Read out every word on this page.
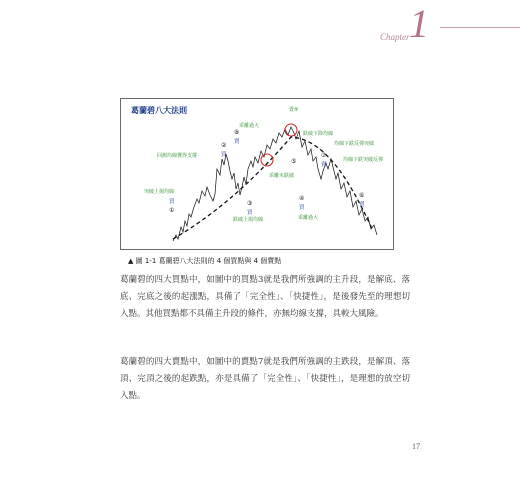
Chapter 1
葛蘭碧八大法則	賣⑤
乖離過大
跌破下降均線
均線下跌反彈突破
均線下跌突破反彈
回測均線獲得支撐
突破上揚均線
乖離未跌破
跌破上揚均線	乖離過大
⑧
賣
②
買
⑤
⑦
賣
④
買
③
買
⑥
賣
買
①
▲ 圖 1-1 葛蘭碧八大法則的 4 個買點與 4 個賣點
葛蘭碧的四大買點中，如圖中的買點3就是我們所強調的主升段，是解底、落底、完底之後的起漲點，具備了「完全性」、「快捷性」，是後發先至的理想切入點。其他買點都不具備主升段的條件，亦無均線支撐，具較大風險。
葛蘭碧的四大賣點中，如圖中的賣點7就是我們所強調的主跌段，是解頂、落頂、完頂之後的起跌點，亦是具備了「完全性」、「快捷性」，是理想的放空切入點。
17
